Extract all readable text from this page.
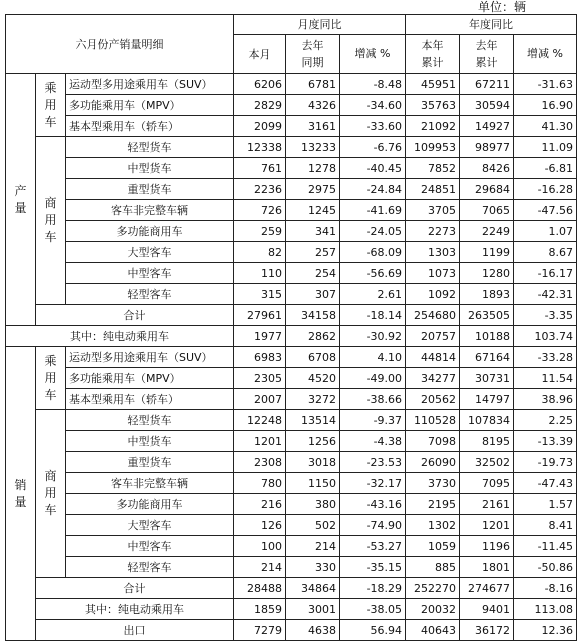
单位：辆
六月份产销量明细			月度同比			年度同比		
			本月	去年同期	增减 %	本年累计	去年累计	增减 %
产量	乘用车	运动型多用途乘用车（SUV）	6206	6781	-8.48	45951	67211	-31.63
		多功能乘用车（MPV）	2829	4326	-34.60	35763	30594	16.90
		基本型乘用车（轿车）	2099	3161	-33.60	21092	14927	41.30
	商用车	轻型货车	12338	13233	-6.76	109953	98977	11.09
		中型货车	761	1278	-40.45	7852	8426	-6.81
		重型货车	2236	2975	-24.84	24851	29684	-16.28
		客车非完整车辆	726	1245	-41.69	3705	7065	-47.56
		多功能商用车	259	341	-24.05	2273	2249	1.07
		大型客车	82	257	-68.09	1303	1199	8.67
		中型客车	110	254	-56.69	1073	1280	-16.17
		轻型客车	315	307	2.61	1092	1893	-42.31
	合计		27961	34158	-18.14	254680	263505	-3.35
其中：纯电动乘用车			1977	2862	-30.92	20757	10188	103.74
销量	乘用车	运动型多用途乘用车（SUV）	6983	6708	4.10	44814	67164	-33.28
		多功能乘用车（MPV）	2305	4520	-49.00	34277	30731	11.54
		基本型乘用车（轿车）	2007	3272	-38.66	20562	14797	38.96
	商用车	轻型货车	12248	13514	-9.37	110528	107834	2.25
		中型货车	1201	1256	-4.38	7098	8195	-13.39
		重型货车	2308	3018	-23.53	26090	32502	-19.73
		客车非完整车辆	780	1150	-32.17	3730	7095	-47.43
		多功能商用车	216	380	-43.16	2195	2161	1.57
		大型客车	126	502	-74.90	1302	1201	8.41
		中型客车	100	214	-53.27	1059	1196	-11.45
		轻型客车	214	330	-35.15	885	1801	-50.86
	合计		28488	34864	-18.29	252270	274677	-8.16
	其中：纯电动乘用车		1859	3001	-38.05	20032	9401	113.08
	出口		7279	4638	56.94	40643	36172	12.36
